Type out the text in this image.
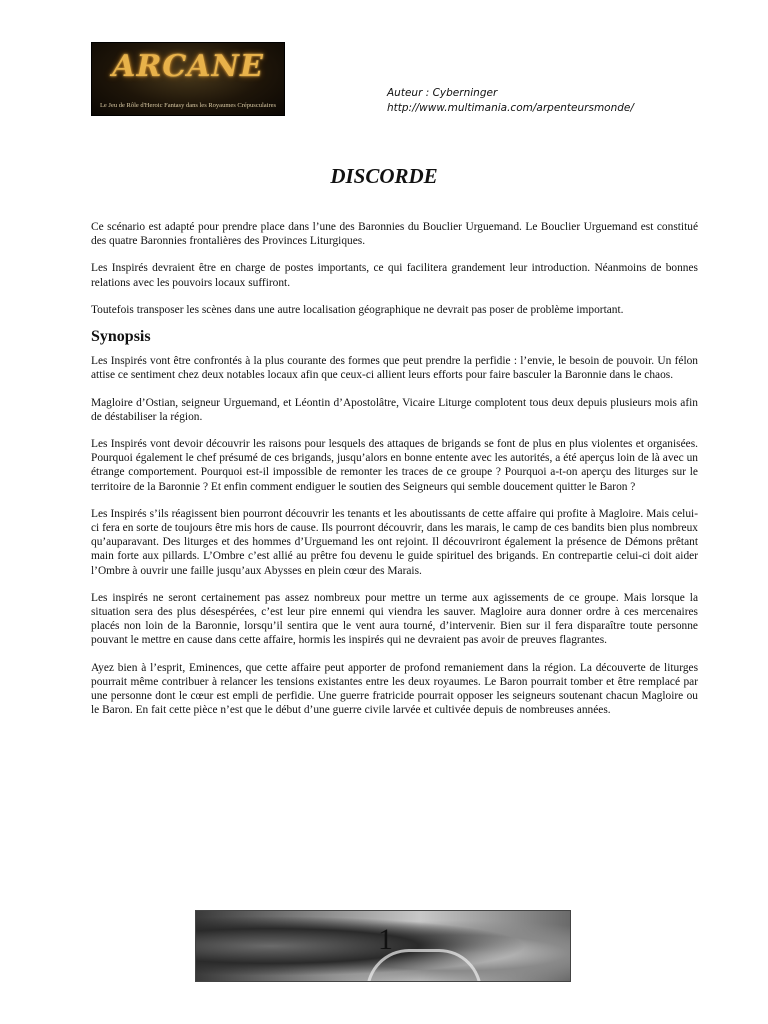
ARCANE
Le Jeu de Rôle d'Heroic Fantasy dans les Royaumes Crépusculaires
Auteur : Cyberninger
http://www.multimania.com/arpenteursmonde/
DISCORDE

Ce scénario est adapté pour prendre place dans l’une des Baronnies du Bouclier Urguemand. Le Bouclier Urguemand est constitué des quatre Baronnies frontalières des Provinces Liturgiques.

Les Inspirés devraient être en charge de postes importants, ce qui facilitera grandement leur introduction. Néanmoins de bonnes relations avec les pouvoirs locaux suffiront.

Toutefois transposer les scènes dans une autre localisation géographique ne devrait pas poser de problème important.

Synopsis

Les Inspirés vont être confrontés à la plus courante des formes que peut prendre la perfidie : l’envie, le besoin de pouvoir. Un félon attise ce sentiment chez deux notables locaux afin que ceux-ci allient leurs efforts pour faire basculer la Baronnie dans le chaos.

Magloire d’Ostian, seigneur Urguemand, et Léontin d’Apostolâtre, Vicaire Liturge complotent tous deux depuis plusieurs mois afin de déstabiliser la région.

Les Inspirés vont devoir découvrir les raisons pour lesquels des attaques de brigands se font de plus en plus violentes et organisées. Pourquoi également le chef présumé de ces brigands, jusqu’alors en bonne entente avec les autorités, a été aperçus loin de là avec un étrange comportement. Pourquoi est-il impossible de remonter les traces de ce groupe ? Pourquoi a-t-on aperçu des liturges sur le territoire de la Baronnie ? Et enfin comment endiguer le soutien des Seigneurs qui semble doucement quitter le Baron ?

Les Inspirés s’ils réagissent bien pourront découvrir les tenants et les aboutissants de cette affaire qui profite à Magloire. Mais celui-ci fera en sorte de toujours être mis hors de cause. Ils pourront découvrir, dans les marais, le camp de ces bandits bien plus nombreux qu’auparavant. Des liturges et des hommes d’Urguemand les ont rejoint. Il découvriront également la présence de Démons prêtant main forte aux pillards. L’Ombre c’est allié au prêtre fou devenu le guide spirituel des brigands. En contrepartie celui-ci doit aider l’Ombre à ouvrir une faille jusqu’aux Abysses en plein cœur des Marais.

Les inspirés ne seront certainement pas assez nombreux pour mettre un terme aux agissements de ce groupe. Mais lorsque la situation sera des plus désespérées, c’est leur pire ennemi qui viendra les sauver. Magloire aura donner ordre à ces mercenaires placés non loin de la Baronnie, lorsqu’il sentira que le vent aura tourné, d’intervenir. Bien sur il fera disparaître toute personne pouvant le mettre en cause dans cette affaire, hormis les inspirés qui ne devraient pas avoir de preuves flagrantes.

Ayez bien à l’esprit, Eminences, que cette affaire peut apporter de profond remaniement dans la région. La découverte de liturges pourrait même contribuer à relancer les tensions existantes entre les deux royaumes. Le Baron pourrait tomber et être remplacé par une personne dont le cœur est empli de perfidie. Une guerre fratricide pourrait opposer les seigneurs soutenant chacun Magloire ou le Baron. En fait cette pièce n’est que le début d’une guerre civile larvée et cultivée depuis de nombreuses années.

1
